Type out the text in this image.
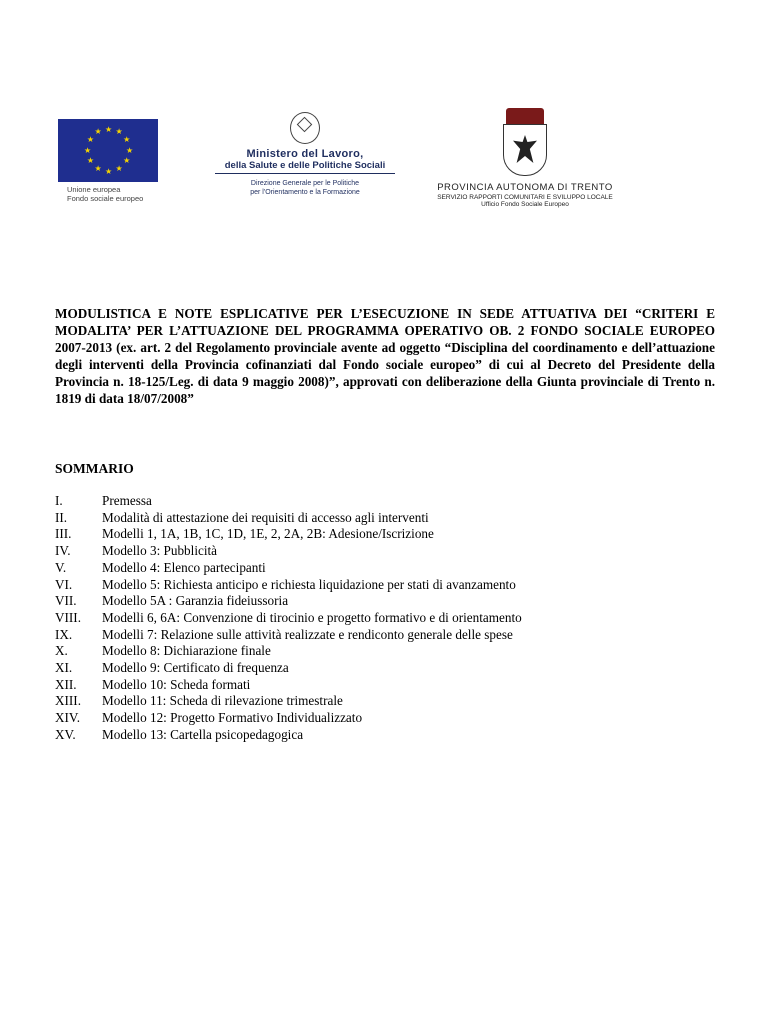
★ ★
★
★
★
★
★
★
★
★
★
★
Unione europea
Fondo sociale europeo
Ministero del Lavoro,
della Salute e delle Politiche Sociali
Direzione Generale per le Politiche
per l'Orientamento e la Formazione	PROVINCIA AUTONOMA DI TRENTO
SERVIZIO RAPPORTI COMUNITARI E SVILUPPO LOCALE
Ufficio Fondo Sociale Europeo
MODULISTICA E NOTE ESPLICATIVE PER L’ESECUZIONE IN SEDE ATTUATIVA DEI “CRITERI E MODALITA’ PER L’ATTUAZIONE DEL PROGRAMMA OPERATIVO OB. 2 FONDO SOCIALE EUROPEO 2007-2013 (ex. art. 2 del Regolamento provinciale avente ad oggetto “Disciplina del coordinamento e dell’attuazione degli interventi della Provincia cofinanziati dal Fondo sociale europeo” di cui al Decreto del Presidente della Provincia n. 18-125/Leg. di data 9 maggio 2008)”, approvati con deliberazione della Giunta provinciale di Trento n. 1819 di data 18/07/2008”
SOMMARIO
I.	Premessa
II.	Modalità di attestazione dei requisiti di accesso agli interventi
III.	Modelli 1, 1A, 1B, 1C, 1D, 1E, 2, 2A, 2B: Adesione/Iscrizione
IV.	Modello 3: Pubblicità
V.	Modello 4: Elenco partecipanti
VI.	Modello 5: Richiesta anticipo e richiesta liquidazione per stati di avanzamento
VII.	Modello 5A : Garanzia fideiussoria
VIII.	Modelli 6, 6A: Convenzione di tirocinio e progetto formativo e di orientamento
IX.	Modelli 7: Relazione sulle attività realizzate e rendiconto generale delle spese
X.	Modello 8: Dichiarazione finale
XI.	Modello 9: Certificato di frequenza
XII.	Modello 10: Scheda formati
XIII.	Modello 11: Scheda di rilevazione trimestrale
XIV.	Modello 12: Progetto Formativo Individualizzato
XV.	Modello 13: Cartella psicopedagogica
